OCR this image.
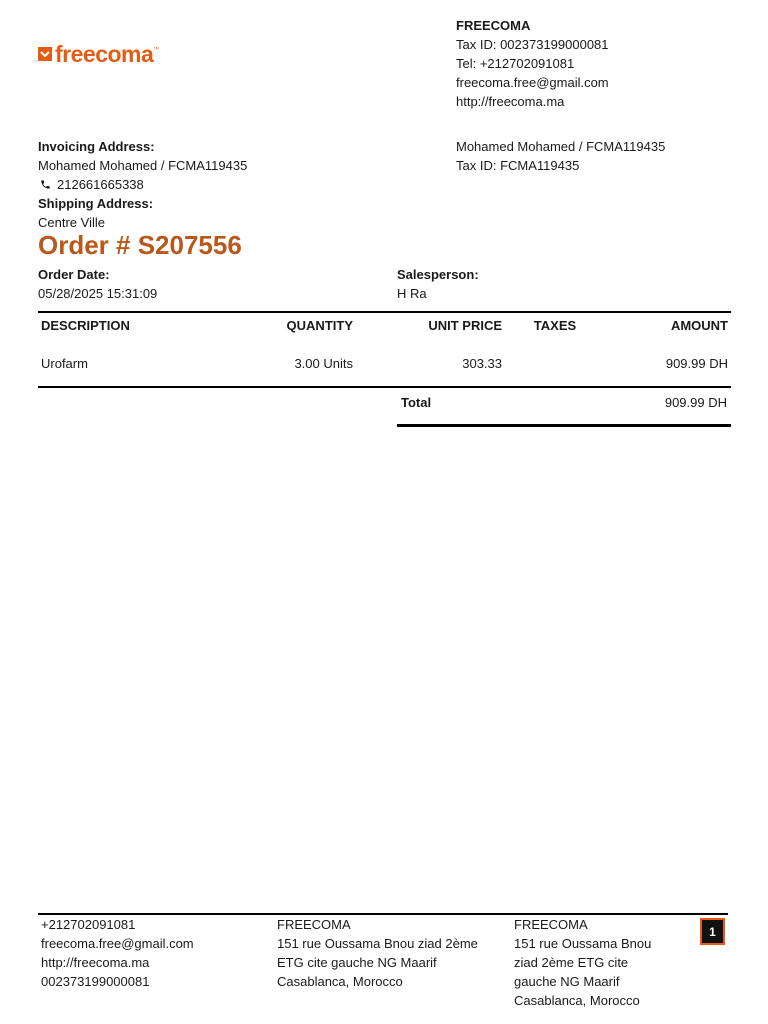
freecoma ™
FREECOMA
Tax ID: 002373199000081
Tel: +212702091081
freecoma.free@gmail.com
http://freecoma.ma
Invoicing Address:
Mohamed Mohamed / FCMA119435
212661665338
Shipping Address:
Centre Ville
Mohamed Mohamed / FCMA119435
Tax ID: FCMA119435
Order # S207556
Order Date:
05/28/2025 15:31:09
Salesperson:
H Ra
DESCRIPTION	QUANTITY	UNIT PRICE	TAXES	AMOUNT
Urofarm	3.00 Units	303.33		909.99 DH
Total	909.99 DH
+212702091081
freecoma.free@gmail.com
http://freecoma.ma
002373199000081
FREECOMA
151 rue Oussama Bnou ziad 2ème
ETG cite gauche NG Maarif
Casablanca, Morocco
FREECOMA
151 rue Oussama Bnou
ziad 2ème ETG cite
gauche NG Maarif
Casablanca, Morocco
1
